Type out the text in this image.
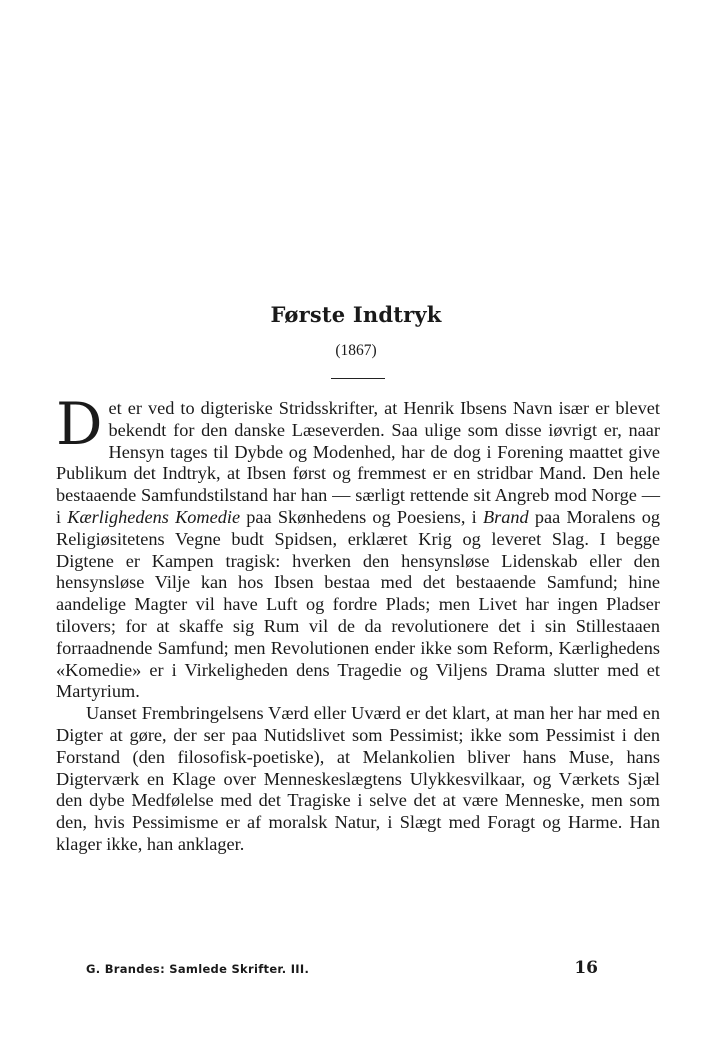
Første Indtryk
(1867)

Det er ved to digteriske Stridsskrifter, at Henrik Ibsens Navn især er blevet bekendt for den danske Læseverden. Saa ulige som disse iøvrigt er, naar Hensyn tages til Dybde og Modenhed, har de dog i Forening maattet give Publikum det Indtryk, at Ibsen først og fremmest er en stridbar Mand. Den hele bestaaende Samfundstilstand har han — særligt rettende sit Angreb mod Norge — i Kærlighedens Komedie paa Skønhedens og Poesiens, i Brand paa Moralens og Religiøsitetens Vegne budt Spidsen, erklæret Krig og leveret Slag. I begge Digtene er Kampen tragisk: hverken den hensynsløse Lidenskab eller den hensynsløse Vilje kan hos Ibsen bestaa med det bestaaende Samfund; hine aandelige Magter vil have Luft og fordre Plads; men Livet har ingen Pladser tilovers; for at skaffe sig Rum vil de da revolutionere det i sin Stillestaaen forraadnende Samfund; men Revolutionen ender ikke som Reform, Kærlighedens «Komedie» er i Virkeligheden dens Tragedie og Viljens Drama slutter med et Martyrium.

Uanset Frembringelsens Værd eller Uværd er det klart, at man her har med en Digter at gøre, der ser paa Nutidslivet som Pessimist; ikke som Pessimist i den Forstand (den filosofisk-poetiske), at Melankolien bliver hans Muse, hans Digterværk en Klage over Menneskeslægtens Ulykkesvilkaar, og Værkets Sjæl den dybe Medfølelse med det Tragiske i selve det at være Menneske, men som den, hvis Pessimisme er af moralsk Natur, i Slægt med Foragt og Harme. Han klager ikke, han anklager.

G. Brandes: Samlede Skrifter. III.	16
